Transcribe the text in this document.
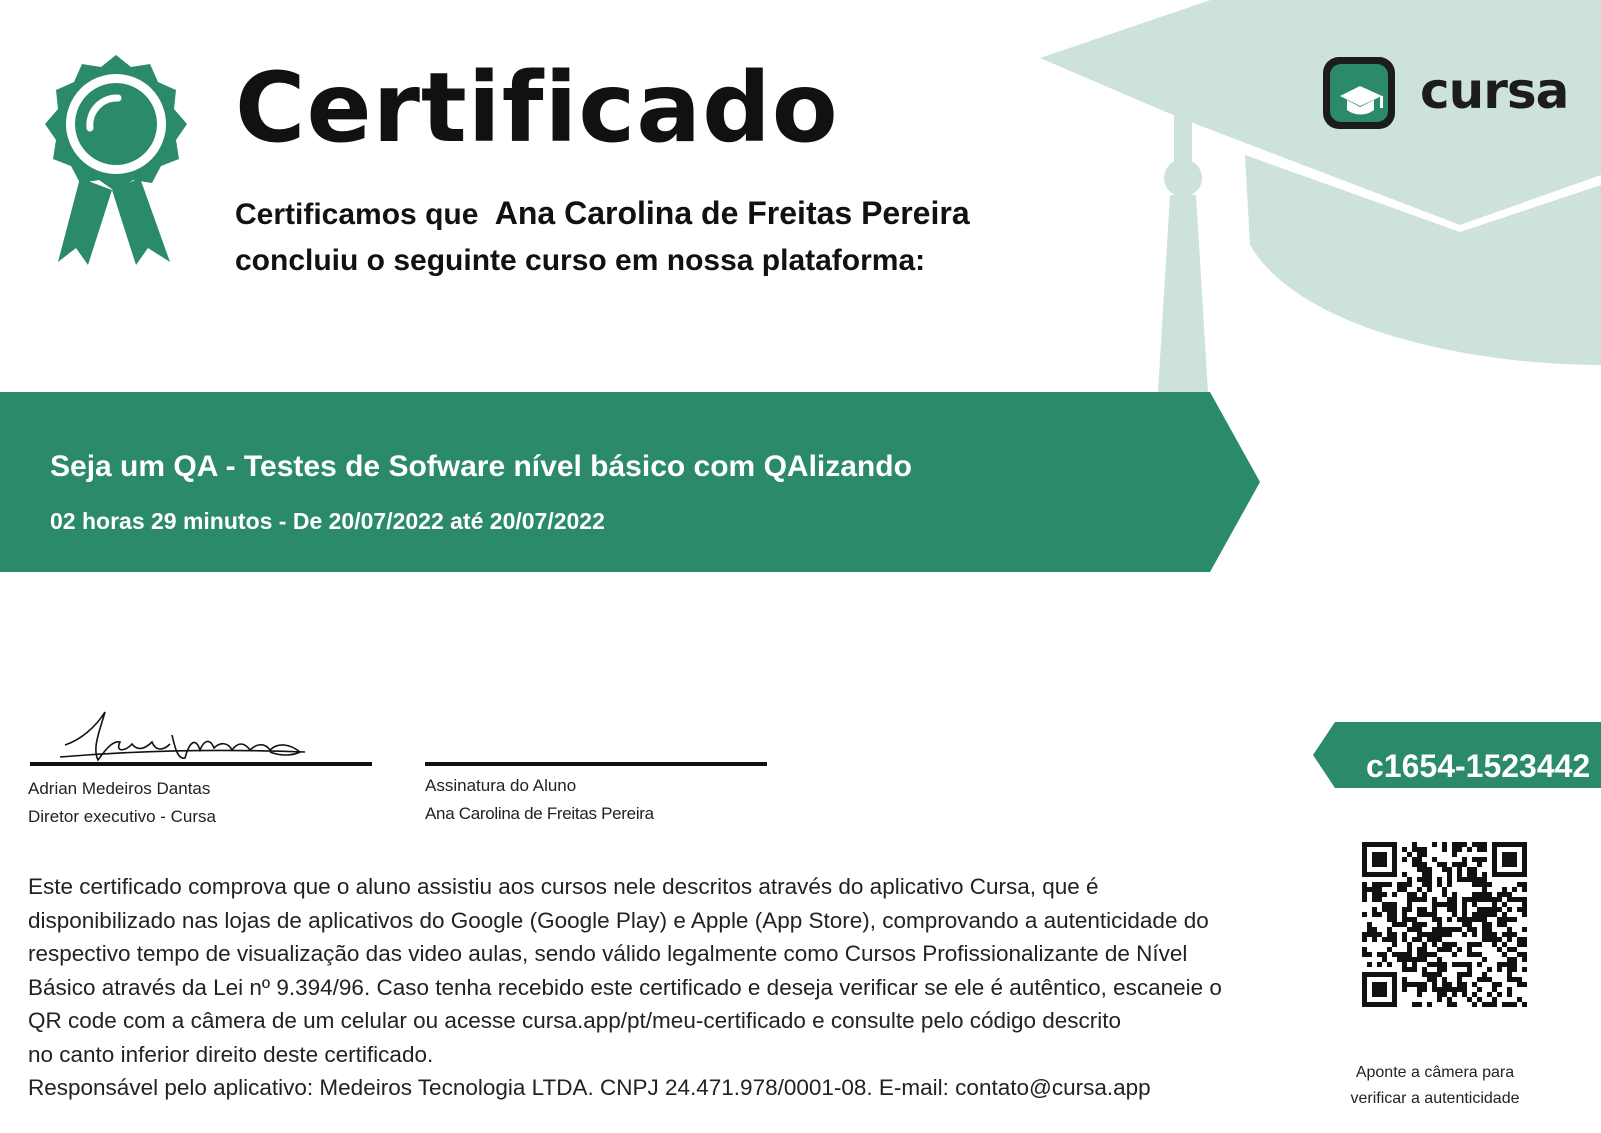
cursa
Certificado
Certificamos que Ana Carolina de Freitas Pereira
concluiu o seguinte curso em nossa plataforma:
Seja um QA - Testes de Sofware nível básico com QAlizando
02 horas 29 minutos - De 20/07/2022 até 20/07/2022
Adrian Medeiros Dantas
Diretor executivo - Cursa
Assinatura do Aluno
Ana Carolina de Freitas Pereira
c1654-1523442
Este certificado comprova que o aluno assistiu aos cursos nele descritos através do aplicativo Cursa, que é
disponibilizado nas lojas de aplicativos do Google (Google Play) e Apple (App Store), comprovando a autenticidade do
respectivo tempo de visualização das video aulas, sendo válido legalmente como Cursos Profissionalizante de Nível
Básico através da Lei nº 9.394/96. Caso tenha recebido este certificado e deseja verificar se ele é autêntico, escaneie o
QR code com a câmera de um celular ou acesse cursa.app/pt/meu-certificado e consulte pelo código descrito
no canto inferior direito deste certificado.
Responsável pelo aplicativo: Medeiros Tecnologia LTDA. CNPJ 24.471.978/0001-08. E-mail: contato@cursa.app
Aponte a câmera para
verificar a autenticidade
